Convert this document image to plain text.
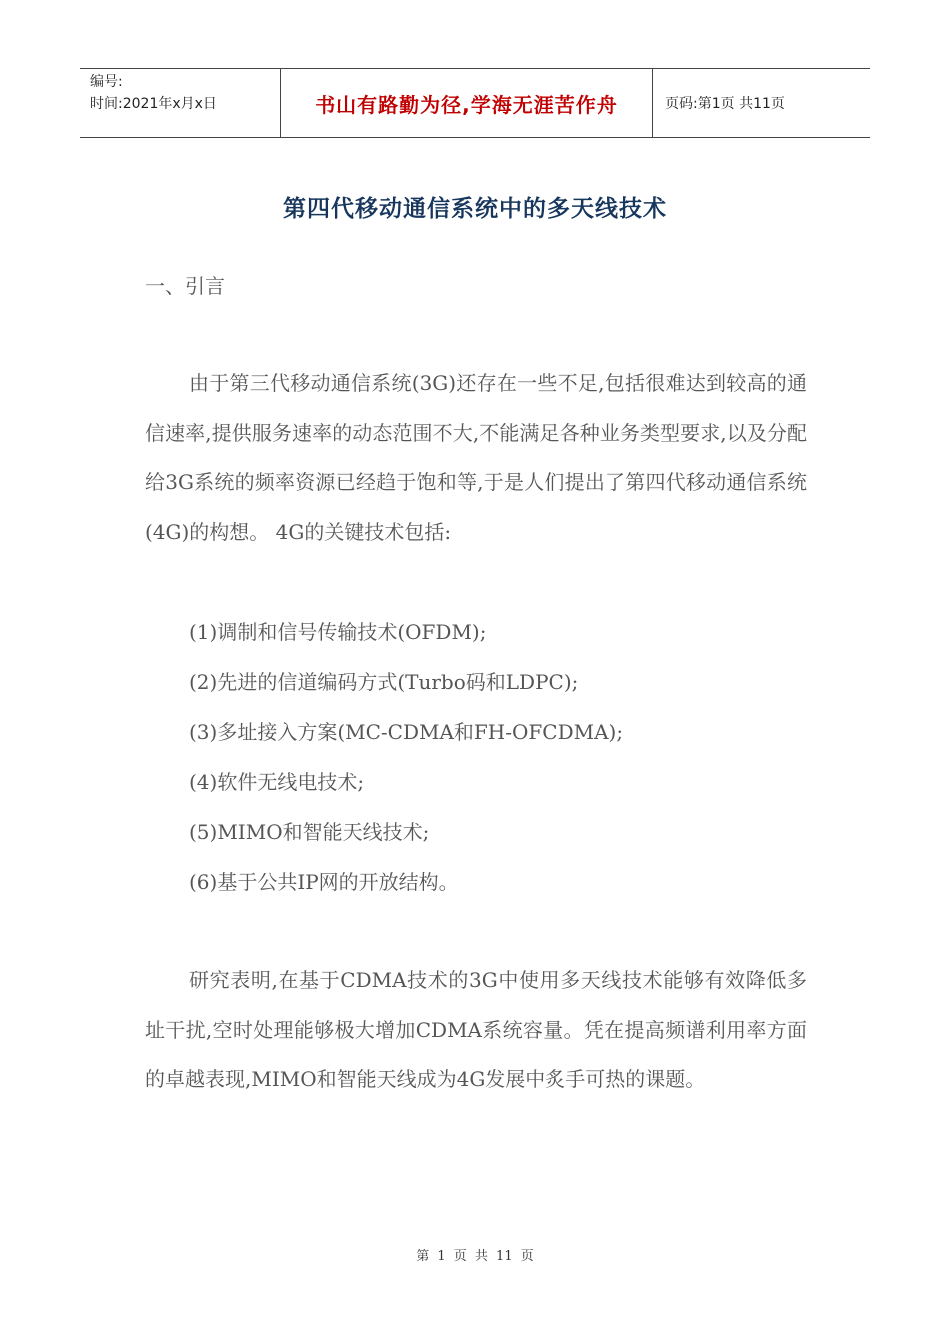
编号:
时间:2021年x月x日	书山有路勤为径,学海无涯苦作舟	页码:第1页 共11页
第四代移动通信系统中的多天线技术
一、引言

由于第三代移动通信系统(3G)还存在一些不足,包括很难达到较高的通信速率,提供服务速率的动态范围不大,不能满足各种业务类型要求,以及分配给3G系统的频率资源已经趋于饱和等,于是人们提出了第四代移动通信系统(4G)的构想。 4G的关键技术包括:

(1)调制和信号传输技术(OFDM);
(2)先进的信道编码方式(Turbo码和LDPC);
(3)多址接入方案(MC-CDMA和FH-OFCDMA);
(4)软件无线电技术;
(5)MIMO和智能天线技术;
(6)基于公共IP网的开放结构。

研究表明,在基于CDMA技术的3G中使用多天线技术能够有效降低多址干扰,空时处理能够极大增加CDMA系统容量。凭在提高频谱利用率方面的卓越表现,MIMO和智能天线成为4G发展中炙手可热的课题。

第 1 页 共 11 页
